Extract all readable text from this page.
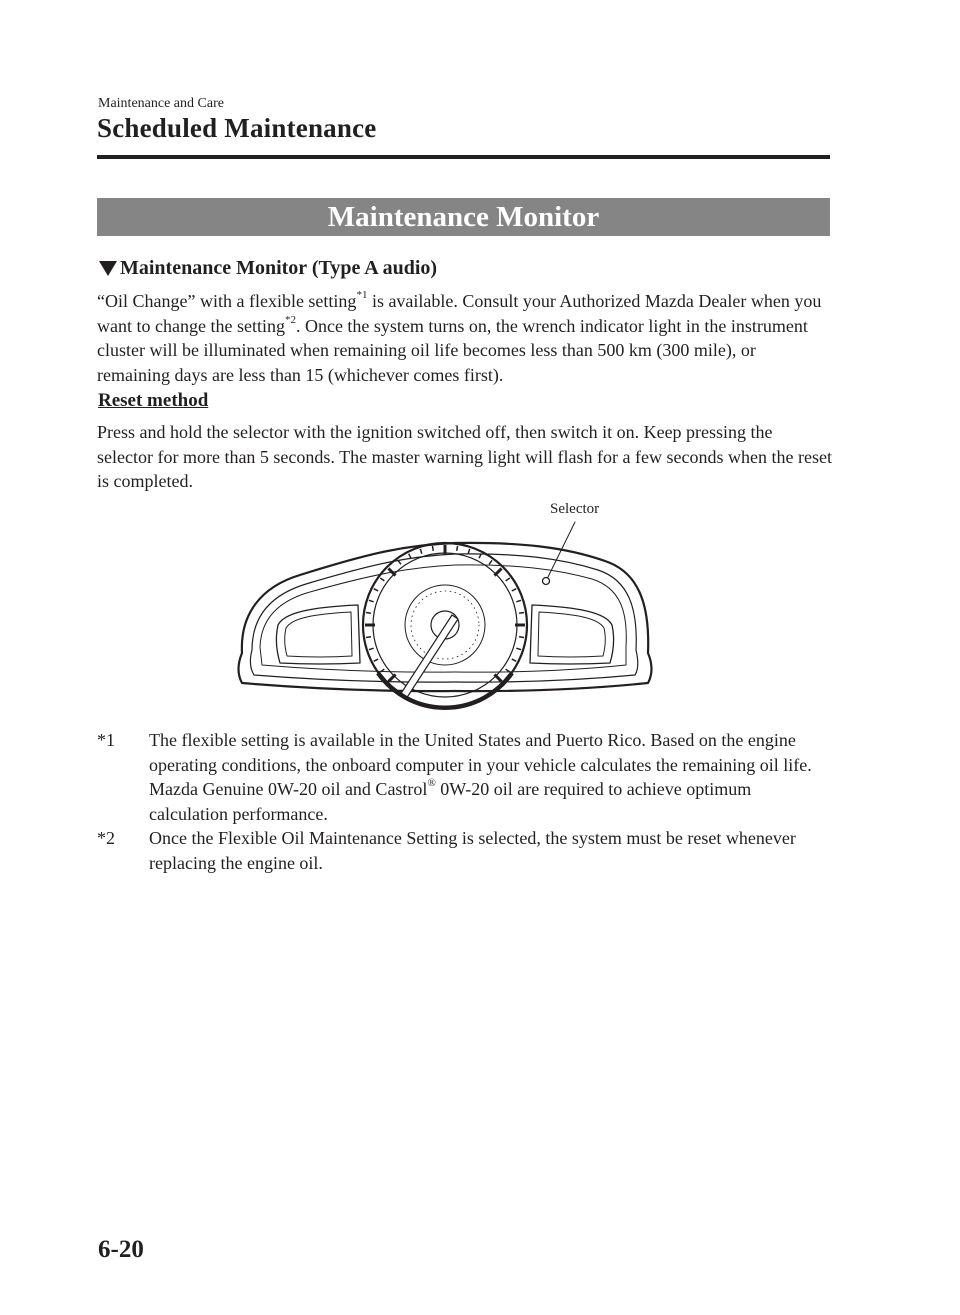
Maintenance and Care
Scheduled Maintenance
Maintenance Monitor
Maintenance Monitor (Type A audio)

“Oil Change” with a flexible setting$^{*1}$ is available. Consult your Authorized Mazda Dealer when you want to change the setting$^{*2}$. Once the system turns on, the wrench indicator light in the instrument cluster will be illuminated when remaining oil life becomes less than 500 km (300 mile), or remaining days are less than 15 (whichever comes first).

Reset method

Press and hold the selector with the ignition switched off, then switch it on. Keep pressing the selector for more than 5 seconds. The master warning light will flash for a few seconds when the reset is completed.

Selector

*1 The flexible setting is available in the United States and Puerto Rico. Based on the engine operating conditions, the onboard computer in your vehicle calculates the remaining oil life. Mazda Genuine 0W-20 oil and Castrol® 0W-20 oil are required to achieve optimum calculation performance.

*2 Once the Flexible Oil Maintenance Setting is selected, the system must be reset whenever replacing the engine oil.

6-20
